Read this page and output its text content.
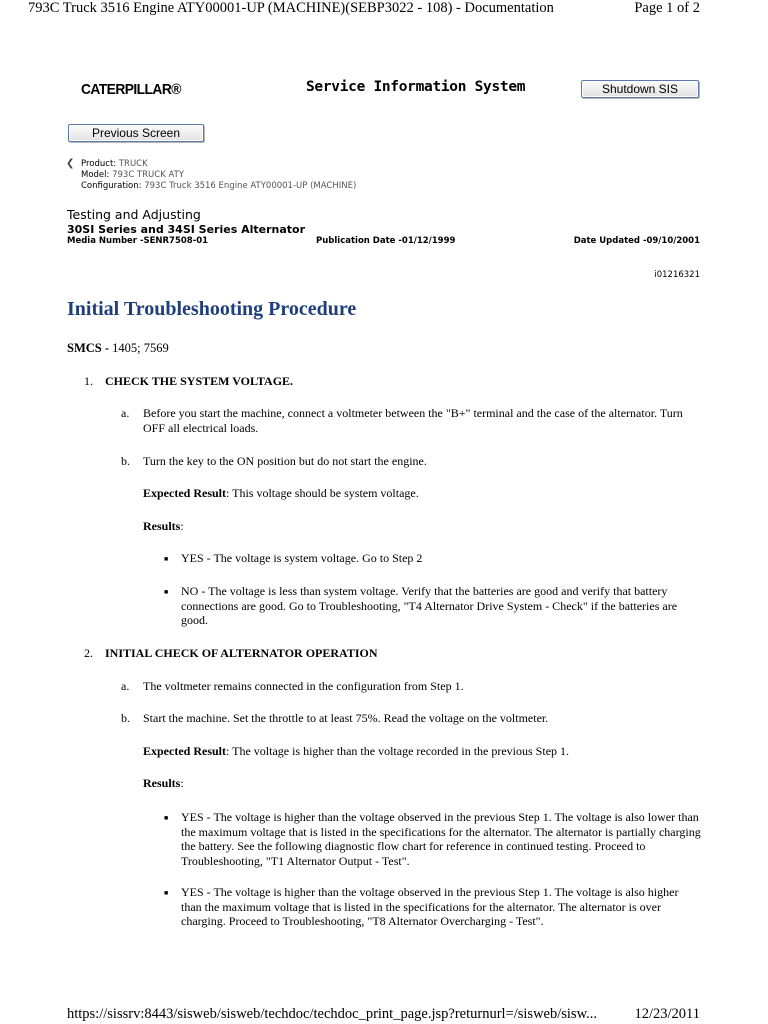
793C Truck 3516 Engine ATY00001-UP (MACHINE)(SEBP3022 - 108) - Documentation	Page 1 of 2
CATERPILLAR®	Service Information System	Shutdown SIS
Previous Screen
❮ Product: TRUCK
Model: 793C TRUCK ATY
Configuration: 793C Truck 3516 Engine ATY00001-UP (MACHINE)
Testing and Adjusting
30SI Series and 34SI Series Alternator
Media Number -SENR7508-01	Publication Date -01/12/1999	Date Updated -09/10/2001
i01216321
Initial Troubleshooting Procedure
SMCS - 1405; 7569
1. CHECK THE SYSTEM VOLTAGE.
a. Before you start the machine, connect a voltmeter between the "B+" terminal and the case of the alternator. Turn OFF all electrical loads.
b. Turn the key to the ON position but do not start the engine.
Expected Result: This voltage should be system voltage.
Results:
■ YES - The voltage is system voltage. Go to Step 2
■ NO - The voltage is less than system voltage. Verify that the batteries are good and verify that battery connections are good. Go to Troubleshooting, "T4 Alternator Drive System - Check" if the batteries are good.
2. INITIAL CHECK OF ALTERNATOR OPERATION
a. The voltmeter remains connected in the configuration from Step 1.
b. Start the machine. Set the throttle to at least 75%. Read the voltage on the voltmeter.
Expected Result: The voltage is higher than the voltage recorded in the previous Step 1.
Results:
■ YES - The voltage is higher than the voltage observed in the previous Step 1. The voltage is also lower than the maximum voltage that is listed in the specifications for the alternator. The alternator is partially charging the battery. See the following diagnostic flow chart for reference in continued testing. Proceed to Troubleshooting, "T1 Alternator Output - Test".
■ YES - The voltage is higher than the voltage observed in the previous Step 1. The voltage is also higher than the maximum voltage that is listed in the specifications for the alternator. The alternator is over charging. Proceed to Troubleshooting, "T8 Alternator Overcharging - Test".
https://sissrv:8443/sisweb/sisweb/techdoc/techdoc_print_page.jsp?returnurl=/sisweb/sisw...	12/23/2011
